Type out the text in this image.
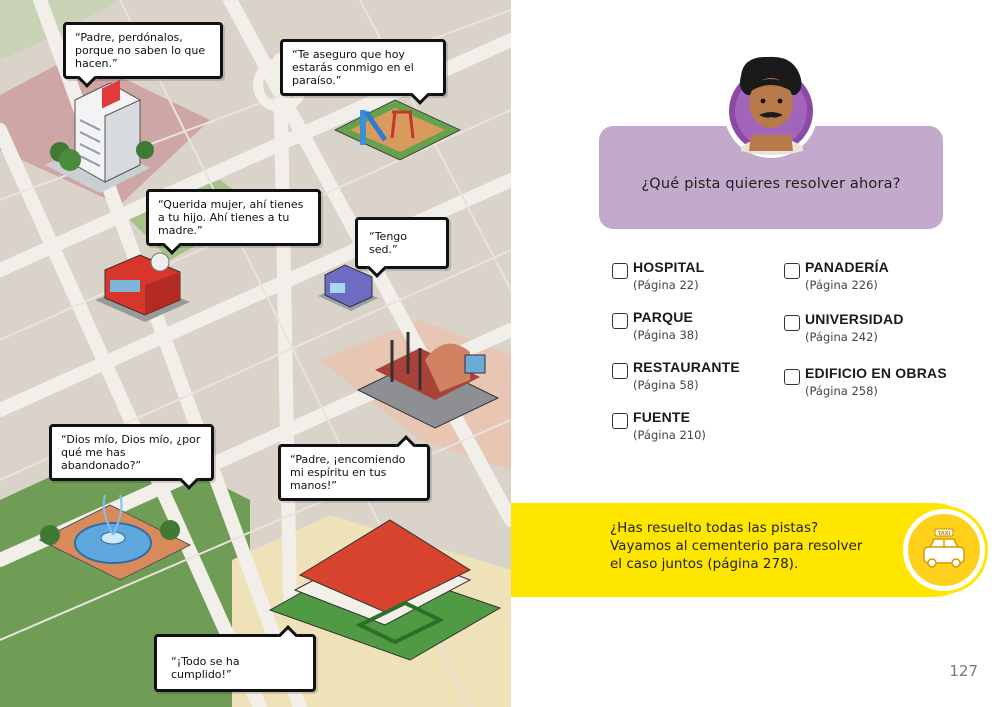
“Padre, perdónalos, porque no saben lo que hacen.”
“Te aseguro que hoy estarás conmigo en el paraíso.”
“Querida mujer, ahí tienes a tu hijo. Ahí tienes a tu madre.”	“Tengo sed.”
“Dios mío, Dios mío, ¿por qué me has abandonado?”	“Padre, ¡encomiendo mi espíritu en tus manos!”
“¡Todo se ha cumplido!”
¿Qué pista quieres resolver ahora?
HOSPITAL
(Página 22)
PARQUE
(Página 38)
RESTAURANTE
(Página 58)
FUENTE
(Página 210)
PANADERÍA
(Página 226)
UNIVERSIDAD
(Página 242)
EDIFICIO EN OBRAS
(Página 258)
¿Has resuelto todas las pistas?
Vayamos al cementerio para resolver
el caso juntos (página 278).
TAXI
127
